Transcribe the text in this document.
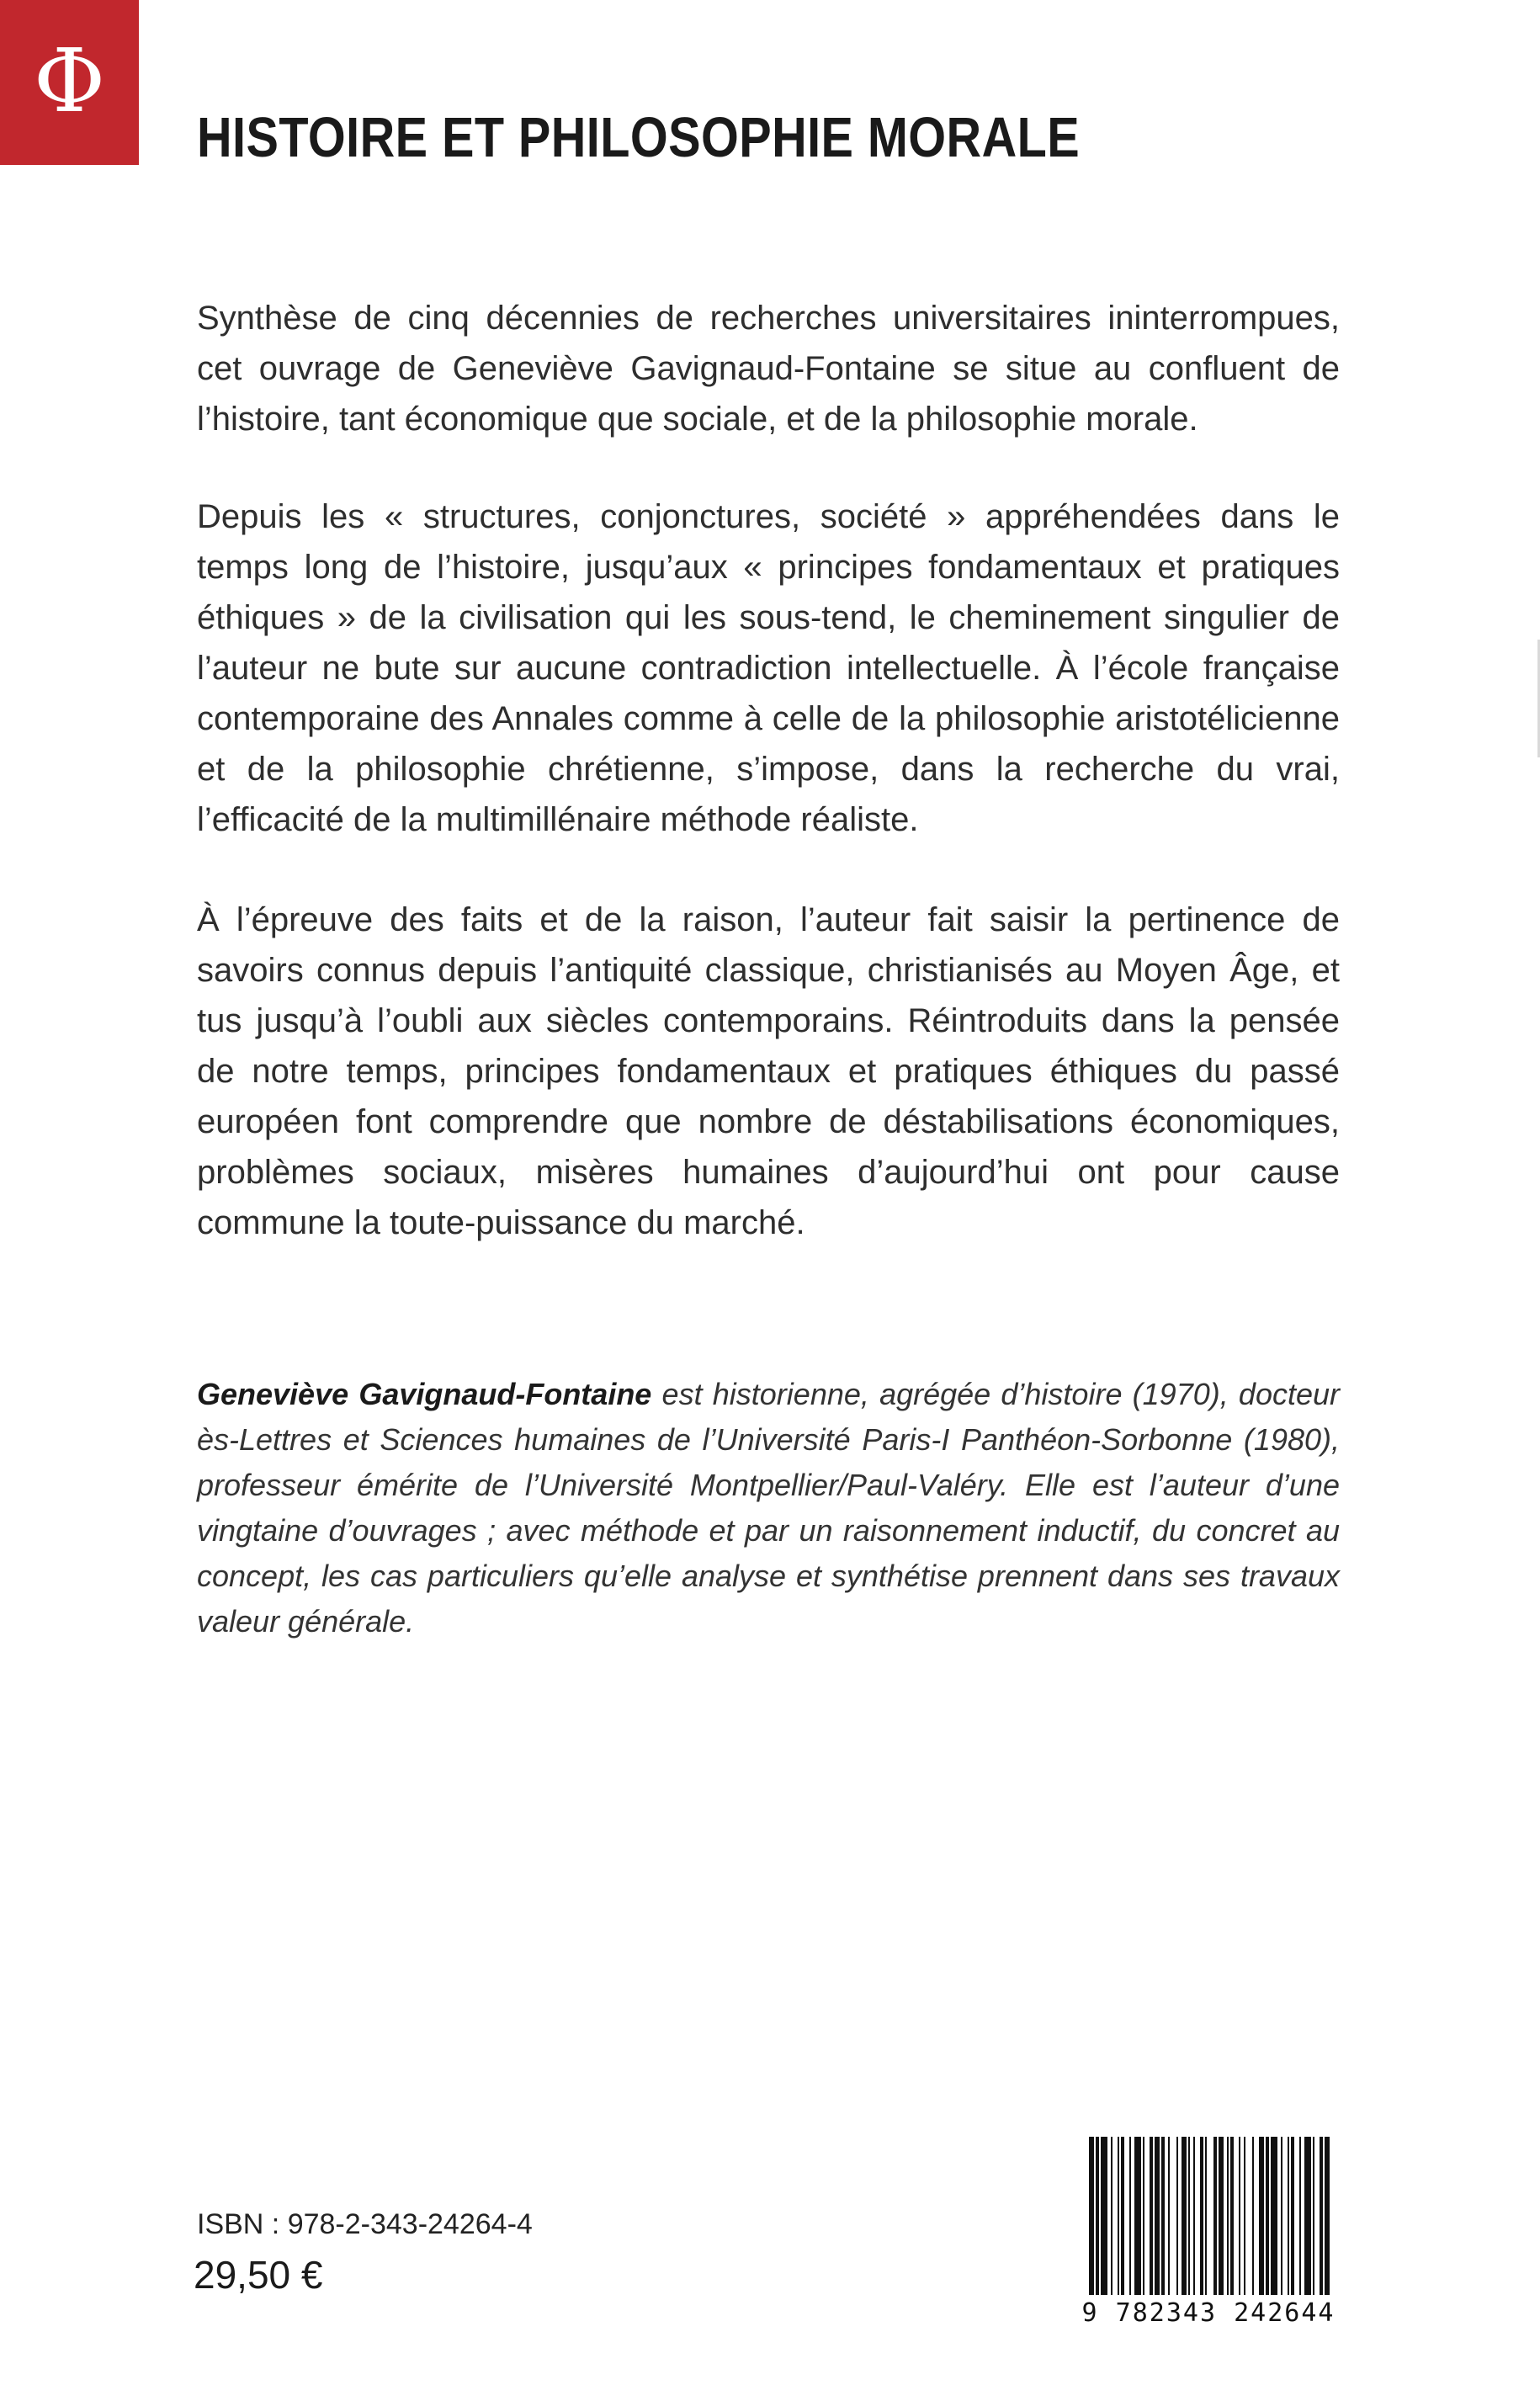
Φ
HISTOIRE ET PHILOSOPHIE MORALE

Synthèse de cinq décennies de recherches universitaires ininterrompues, cet ouvrage de Geneviève Gavignaud-Fontaine se situe au confluent de l’histoire, tant économique que sociale, et de la philosophie morale.

Depuis les « structures, conjonctures, société » appréhendées dans le temps long de l’histoire, jusqu’aux « principes fondamentaux et pratiques éthiques » de la civilisation qui les sous-tend, le cheminement singulier de l’auteur ne bute sur aucune contradiction intellectuelle. À l’école française contemporaine des Annales comme à celle de la philosophie aristotélicienne et de la philosophie chrétienne, s’impose, dans la recherche du vrai, l’efficacité de la multimillénaire méthode réaliste.

À l’épreuve des faits et de la raison, l’auteur fait saisir la pertinence de savoirs connus depuis l’antiquité classique, christianisés au Moyen Âge, et tus jusqu’à l’oubli aux siècles contemporains. Réintroduits dans la pensée de notre temps, principes fondamentaux et pratiques éthiques du passé européen font comprendre que nombre de déstabilisations économiques, problèmes sociaux, misères humaines d’aujourd’hui ont pour cause commune la toute-puissance du marché.

Geneviève Gavignaud-Fontaine est historienne, agrégée d’histoire (1970), docteur ès-Lettres et Sciences humaines de l’Université Paris-I Panthéon-Sorbonne (1980), professeur émérite de l’Université Montpellier/Paul-Valéry. Elle est l’auteur d’une vingtaine d’ouvrages ; avec méthode et par un raisonnement inductif, du concret au concept, les cas particuliers qu’elle analyse et synthétise prennent dans ses travaux valeur générale.

ISBN : 978-2-343-24264-4

29,50 €

9 782343 242644
